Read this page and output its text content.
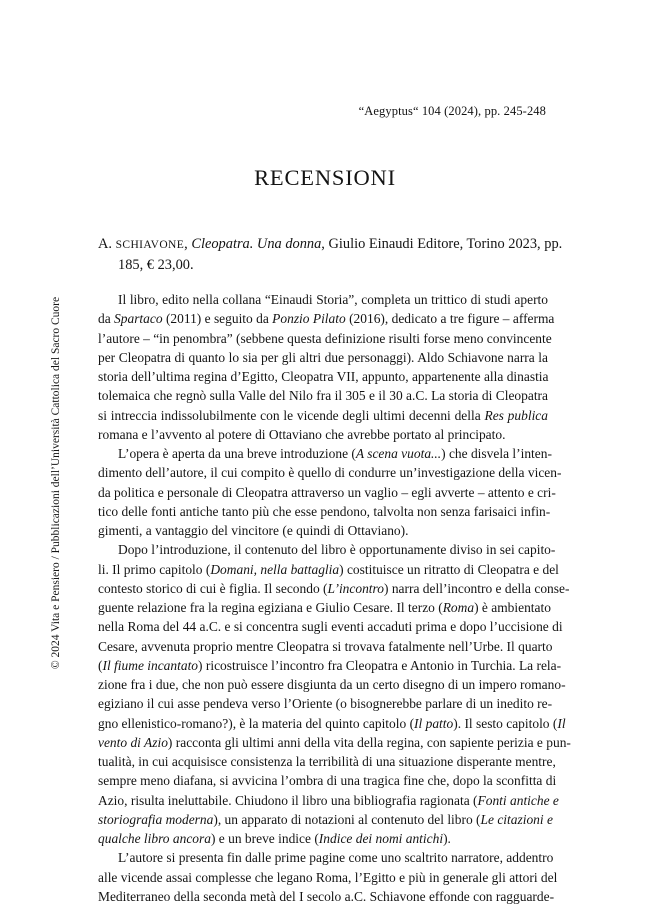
“Aegyptus“ 104 (2024), pp. 245-248
RECENSIONI
© 2024 Vita e Pensiero / Pubblicazioni dell’Università Cattolica del Sacro Cuore
A. SCHIAVONE, Cleopatra. Una donna, Giulio Einaudi Editore, Torino 2023, pp. 185, € 23,00.
Il libro, edito nella collana “Einaudi Storia”, completa un trittico di studi aperto
da Spartaco (2011) e seguito da Ponzio Pilato (2016), dedicato a tre figure – afferma
l’autore – “in penombra” (sebbene questa definizione risulti forse meno convincente
per Cleopatra di quanto lo sia per gli altri due personaggi). Aldo Schiavone narra la
storia dell’ultima regina d’Egitto, Cleopatra VII, appunto, appartenente alla dinastia
tolemaica che regnò sulla Valle del Nilo fra il 305 e il 30 a.C. La storia di Cleopatra
si intreccia indissolubilmente con le vicende degli ultimi decenni della Res publica
romana e l’avvento al potere di Ottaviano che avrebbe portato al principato.
L’opera è aperta da una breve introduzione (A scena vuota...) che disvela l’inten-
dimento dell’autore, il cui compito è quello di condurre un’investigazione della vicen-
da politica e personale di Cleopatra attraverso un vaglio – egli avverte – attento e cri-
tico delle fonti antiche tanto più che esse pendono, talvolta non senza farisaici infin-
gimenti, a vantaggio del vincitore (e quindi di Ottaviano).
Dopo l’introduzione, il contenuto del libro è opportunamente diviso in sei capito-
li. Il primo capitolo (Domani, nella battaglia) costituisce un ritratto di Cleopatra e del
contesto storico di cui è figlia. Il secondo (L’incontro) narra dell’incontro e della conse-
guente relazione fra la regina egiziana e Giulio Cesare. Il terzo (Roma) è ambientato
nella Roma del 44 a.C. e si concentra sugli eventi accaduti prima e dopo l’uccisione di
Cesare, avvenuta proprio mentre Cleopatra si trovava fatalmente nell’Urbe. Il quarto
(Il fiume incantato) ricostruisce l’incontro fra Cleopatra e Antonio in Turchia. La rela-
zione fra i due, che non può essere disgiunta da un certo disegno di un impero romano-
egiziano il cui asse pendeva verso l’Oriente (o bisognerebbe parlare di un inedito re-
gno ellenistico-romano?), è la materia del quinto capitolo (Il patto). Il sesto capitolo (Il
vento di Azio) racconta gli ultimi anni della vita della regina, con sapiente perizia e pun-
tualità, in cui acquisisce consistenza la terribilità di una situazione disperante mentre,
sempre meno diafana, si avvicina l’ombra di una tragica fine che, dopo la sconfitta di
Azio, risulta ineluttabile. Chiudono il libro una bibliografia ragionata (Fonti antiche e
storiografia moderna), un apparato di notazioni al contenuto del libro (Le citazioni e
qualche libro ancora) e un breve indice (Indice dei nomi antichi).
L’autore si presenta fin dalle prime pagine come uno scaltrito narratore, addentro
alle vicende assai complesse che legano Roma, l’Egitto e più in generale gli attori del
Mediterraneo della seconda metà del I secolo a.C. Schiavone effonde con ragguarde-
